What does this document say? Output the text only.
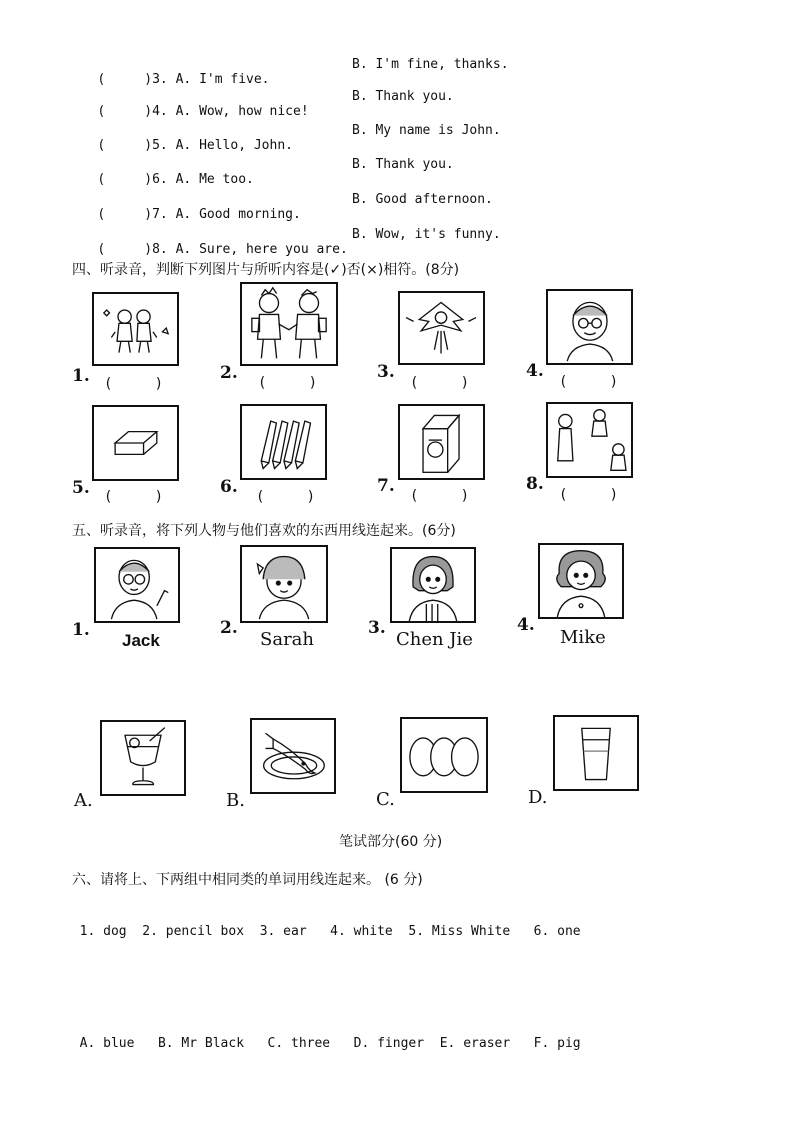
(     )3. A. I'm five.

B. I'm fine, thanks.

(     )4. A. Wow, how nice!

B. Thank you.

(     )5. A. Hello, John.

B. My name is John.

(     )6. A. Me too.

B. Thank you.

(     )7. A. Good morning.

B. Good afternoon.

(     )8. A. Sure, here you are.

B. Wow, it's funny.
四、听录音，判断下列图片与所听内容是(✓)否(×)相符。(8分)
1. (     )
2. (     )
3.
(     )
4.
(     )
5. (     )	6. (     )
7. (     )
8.
(     )
五、听录音，将下列人物与他们喜欢的东西用线连起来。(6分)
1.
Jack
2.
Sarah
3.
Chen Jie
4.
Mike
A.	B.	C.	D.
笔试部分(60 分)
六、请将上、下两组中相同类的单词用线连起来。 (6 分)

1. dog 2. pencil box 3. ear 4. white 5. Miss White 6. one

A. blue B. Mr Black C. three D. finger E. eraser F. pig
